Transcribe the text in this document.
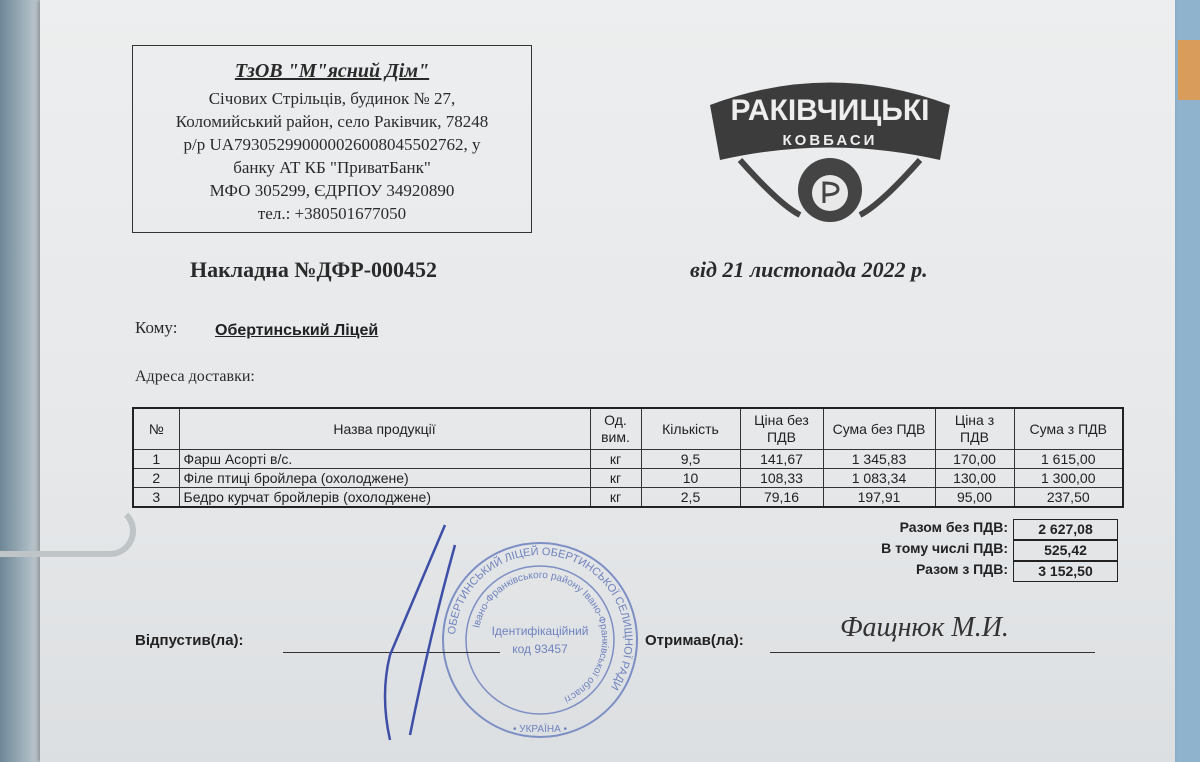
ТзОВ "М"ясний Дім"
Січових Стрільців, будинок № 27,
Коломийський район, село Раківчик, 78248
р/р UA793052990000026008045502762, у
банку АТ КБ "ПриватБанк"
МФО 305299, ЄДРПОУ 34920890
тел.: +380501677050
РАКІВЧИЦЬКІ
КОВБАСИ
Накладна №ДФР-000452	від 21 листопада 2022 р.
Кому: Обертинський Ліцей
Адреса доставки:
№	Назва продукції	Од. вим.	Кількість	Ціна без ПДВ	Сума без ПДВ	Ціна з ПДВ	Сума з ПДВ
1	Фарш Асорті в/с.	кг	9,5	141,67	1 345,83	170,00	1 615,00
2	Філе птиці бройлера (охолоджене)	кг	10	108,33	1 083,34	130,00	1 300,00
3	Бедро курчат бройлерів (охолоджене)	кг	2,5	79,16	197,91	95,00	237,50
Разом без ПДВ:	2 627,08
В тому числі ПДВ:	525,42
Разом з ПДВ:	3 152,50
ОБЕРТИНСЬКИЙ ЛІЦЕЙ ОБЕРТИНСЬКОЇ СЕЛИЩНОЇ РАДИ
Івано-Франківського району Івано-Франківської області
• УКРАЇНА •
Ідентифікаційний
код 93457
Відпустив(ла):	Отримав(ла):	Фащнюк М.И.
